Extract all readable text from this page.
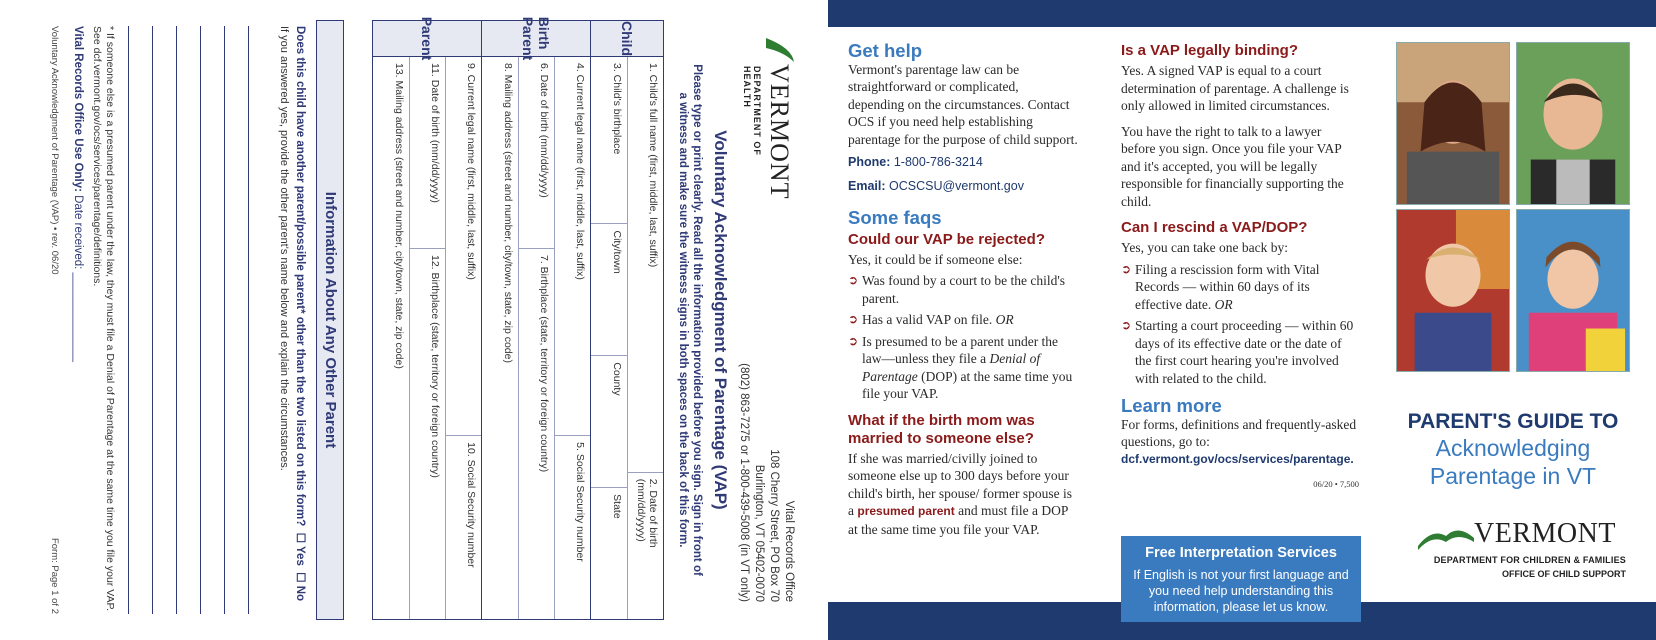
VERMONT
DEPARTMENT OF HEALTH
Vital Records Office
108 Cherry Street, PO Box 70
Burlington, VT 05402-0070
(802) 863-7275 or 1-800-439-5008 (in VT only)
Voluntary Acknowledgment of Parentage (VAP)
Please type or print clearly. Read all the information provided before you sign. Sign in front of a witness and make sure the witness signs in both spaces on the back of this form.
Child
1. Child's full name (first, middle, last, suffix)
2. Date of birth (mm/dd/yyyy)
3. Child's birthplace
City/town
County
State
Birth Parent
4. Current legal name (first, middle, last, suffix)
5. Social Security number
6. Date of birth (mm/dd/yyyy)
7. Birthplace (state, territory or foreign country)
8. Mailing address (street and number, city/town, state, zip code)
Parent
9. Current legal name (first, middle, last, suffix)
10. Social Security number
11. Date of birth (mm/dd/yyyy)
12. Birthplace (state, territory or foreign country)
13. Mailing address (street and number, city/town, state, zip code)
Information About Any Other Parent
Does this child have another parent/possible parent* other than the two listed on this form?  ☐ Yes  ☐ No
If you answered yes, provide the other parent's name below and explain the circumstances.
* If someone else is a presumed parent under the law, they must file a Denial of Parentage at the same time you file your VAP. See dcf.vermont.gov/ocs/services/parentage/definitions.
Vital Records Office Use Only: Date received: ______________
Voluntary Acknowledgment of Parentage (VAP) • rev. 06/20
Form: Page 1 of 2
Get help
Vermont's parentage law can be straightforward or complicated, depending on the circumstances. Contact OCS if you need help establishing parentage for the purpose of child support.
Phone: 1-800-786-3214
Email: OCSCSU@vermont.gov
Some faqs
Could our VAP be rejected?
Yes, it could be if someone else:
➲ Was found by a court to be the child's parent.
➲ Has a valid VAP on file. OR
➲ Is presumed to be a parent under the law—unless they file a Denial of Parentage (DOP) at the same time you file your VAP.
What if the birth mom was married to someone else?
If she was married/civilly joined to someone else up to 300 days before your child's birth, her spouse/ former spouse is a presumed parent and must file a DOP at the same time you file your VAP.
Is a VAP legally binding?
Yes. A signed VAP is equal to a court determination of parentage. A challenge is only allowed in limited circumstances.
You have the right to talk to a lawyer before you sign. Once you file your VAP and it's accepted, you will be legally responsible for financially supporting the child.
Can I rescind a VAP/DOP?
Yes, you can take one back by:
➲ Filing a rescission form with Vital Records — within 60 days of its effective date. OR
➲ Starting a court proceeding — within 60 days of its effective date or the date of the first court hearing you're involved with related to the child.
Learn more
For forms, definitions and frequently-asked questions, go to:
dcf.vermont.gov/ocs/services/parentage.
06/20 • 7,500
Free Interpretation Services
If English is not your first language and you need help understanding this information, please let us know.
PARENT'S GUIDE TO
Acknowledging
Parentage in VT
VERMONT
DEPARTMENT FOR CHILDREN & FAMILIES
OFFICE OF CHILD SUPPORT
